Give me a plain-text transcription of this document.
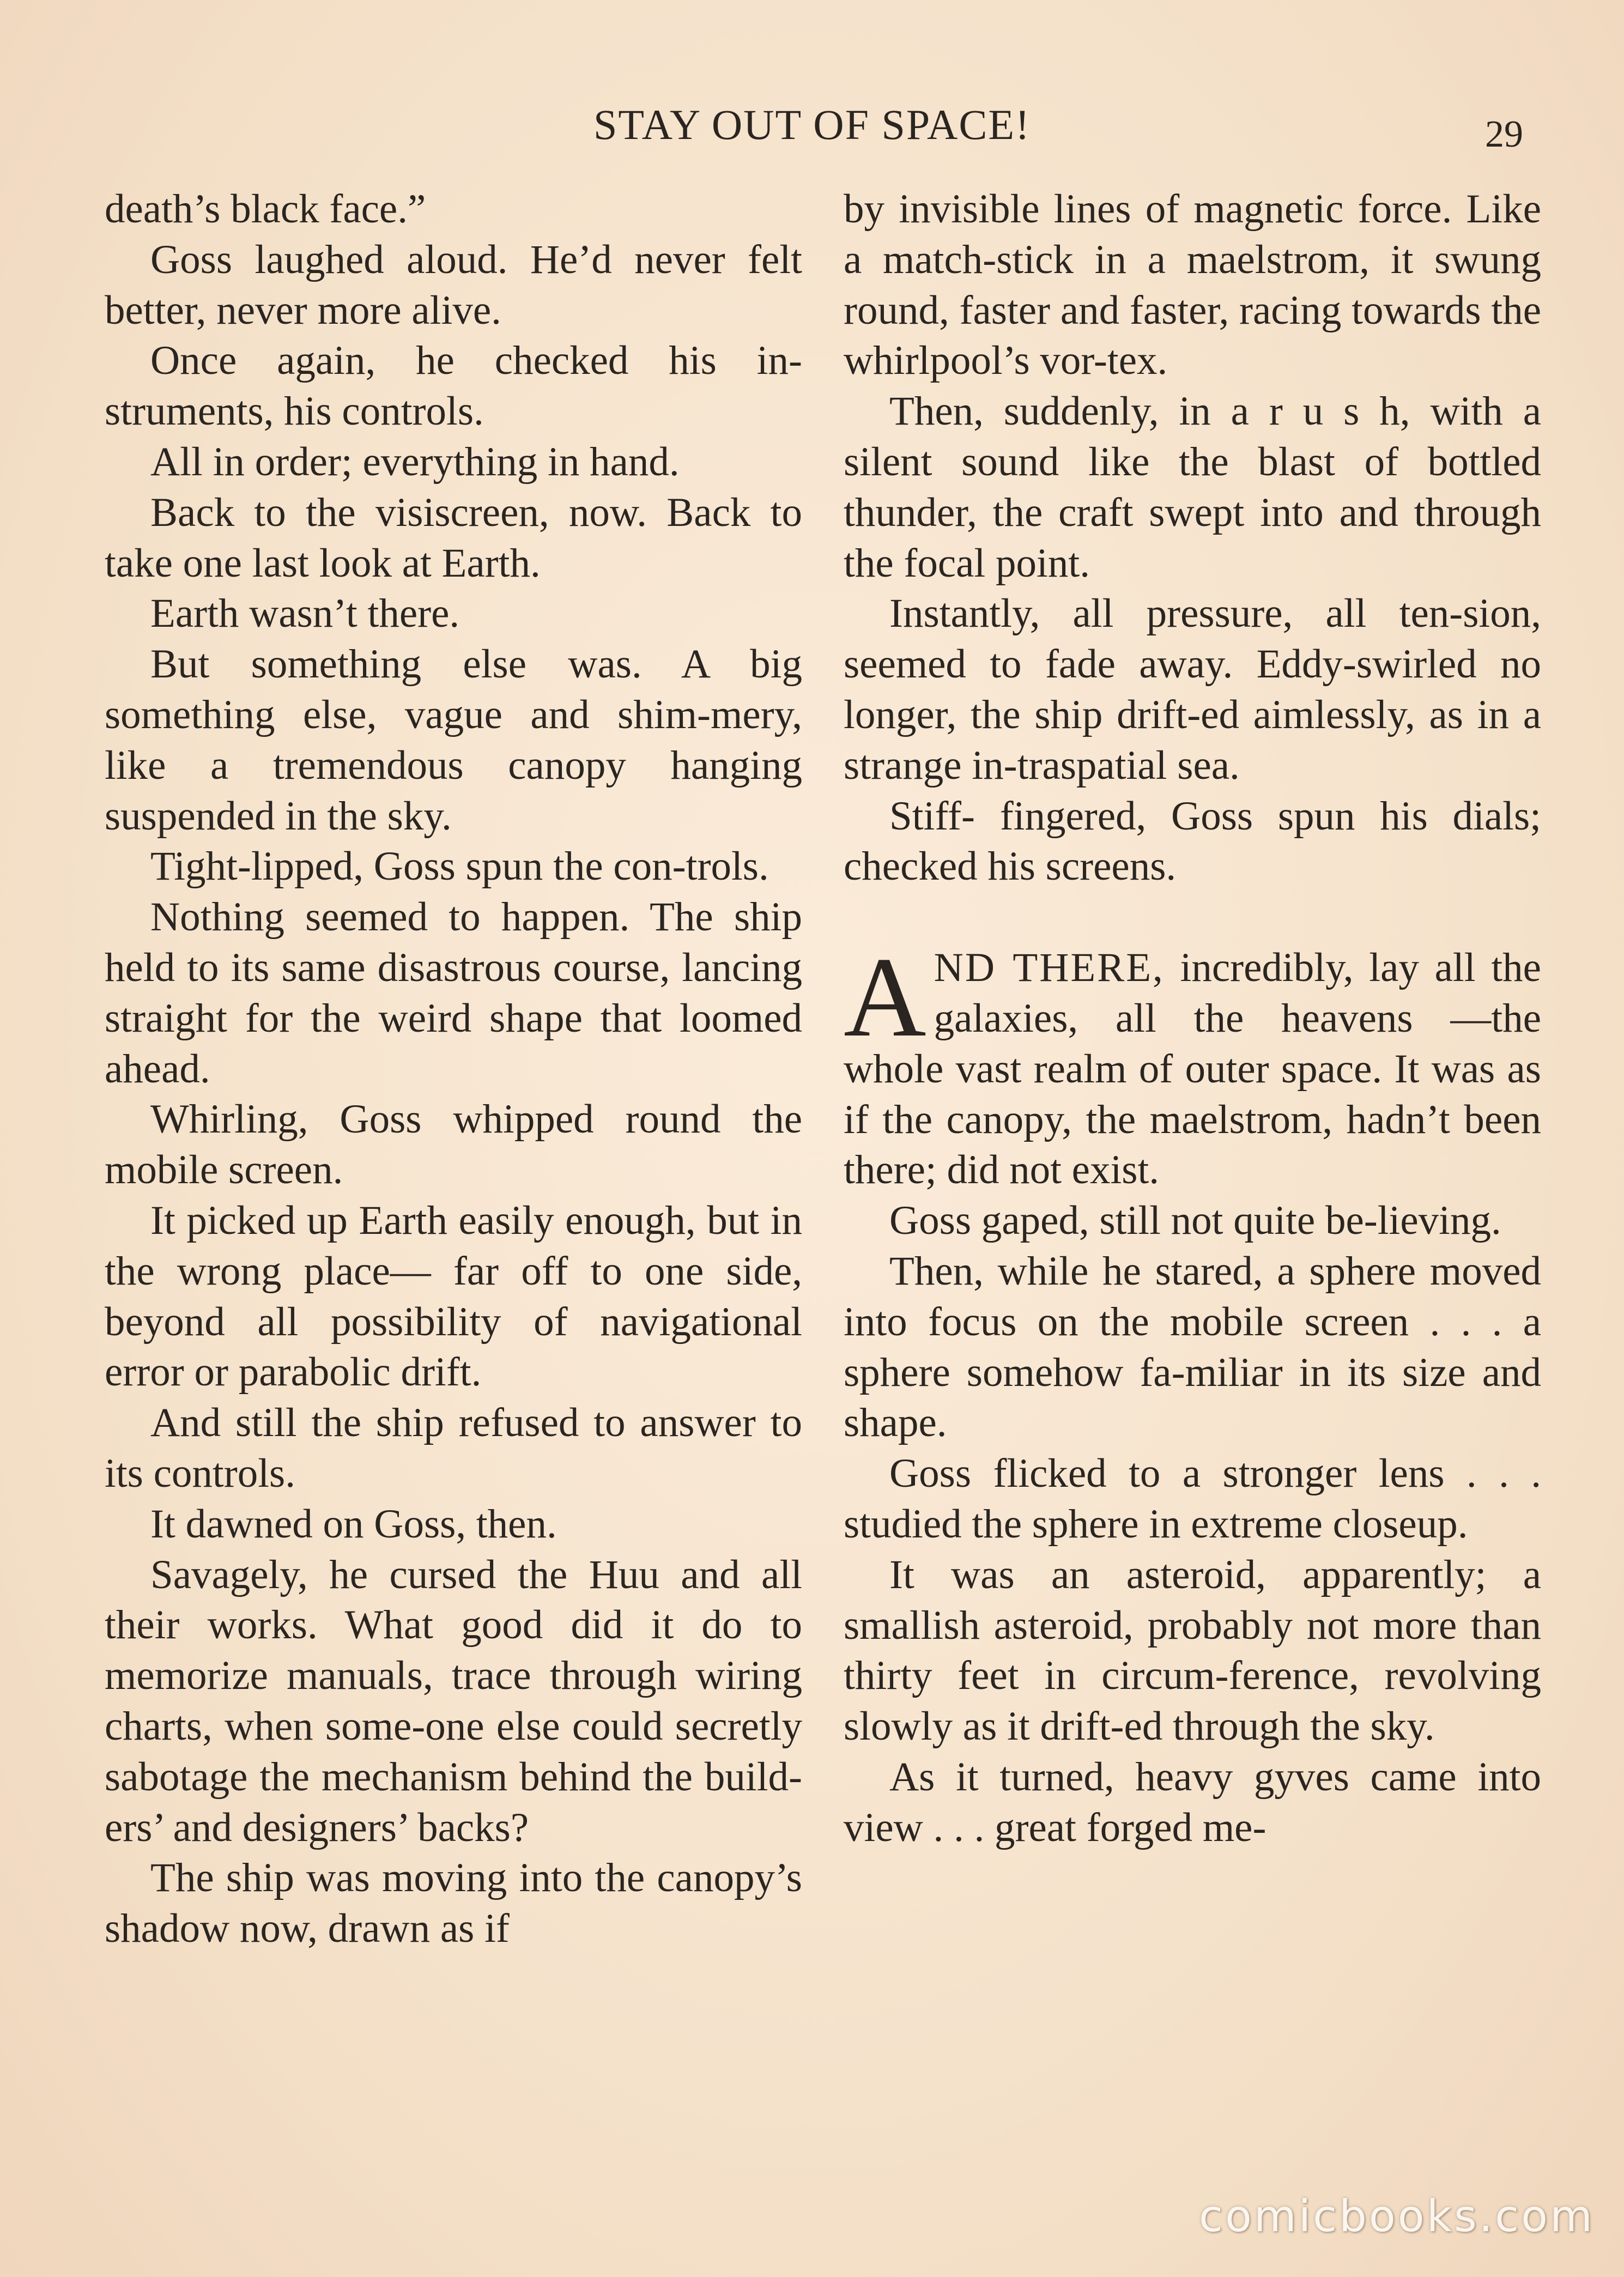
STAY OUT OF SPACE!	29

death’s black face.”

Goss laughed aloud. He’d never felt better, never more alive.

Once again, he checked his in-struments, his controls.

All in order; everything in hand.

Back to the visiscreen, now. Back to take one last look at Earth.

Earth wasn’t there.

But something else was. A big something else, vague and shim-mery, like a tremendous canopy hanging suspended in the sky.

Tight-lipped, Goss spun the con-trols.

Nothing seemed to happen. The ship held to its same disastrous course, lancing straight for the weird shape that loomed ahead.

Whirling, Goss whipped round the mobile screen.

It picked up Earth easily enough, but in the wrong place— far off to one side, beyond all possibility of navigational error or parabolic drift.

And still the ship refused to answer to its controls.

It dawned on Goss, then.

Savagely, he cursed the Huu and all their works. What good did it do to memorize manuals, trace through wiring charts, when some-one else could secretly sabotage the mechanism behind the build-ers’ and designers’ backs?

The ship was moving into the canopy’s shadow now, drawn as if

by invisible lines of magnetic force. Like a match-stick in a maelstrom, it swung round, faster and faster, racing towards the whirlpool’s vor-tex.

Then, suddenly, in a r u s h, with a silent sound like the blast of bottled thunder, the craft swept into and through the focal point.

Instantly, all pressure, all ten-sion, seemed to fade away. Eddy-swirled no longer, the ship drift-ed aimlessly, as in a strange in-traspatial sea.

Stiff- fingered, Goss spun his dials; checked his screens.

AND THERE, incredibly, lay all the galaxies, all the heavens —the whole vast realm of outer space. It was as if the canopy, the maelstrom, hadn’t been there; did not exist.

Goss gaped, still not quite be-lieving.

Then, while he stared, a sphere moved into focus on the mobile screen . . . a sphere somehow fa-miliar in its size and shape.

Goss flicked to a stronger lens . . . studied the sphere in extreme closeup.

It was an asteroid, apparently; a smallish asteroid, probably not more than thirty feet in circum-ference, revolving slowly as it drift-ed through the sky.

As it turned, heavy gyves came into view . . . great forged me-

comicbooks.com
